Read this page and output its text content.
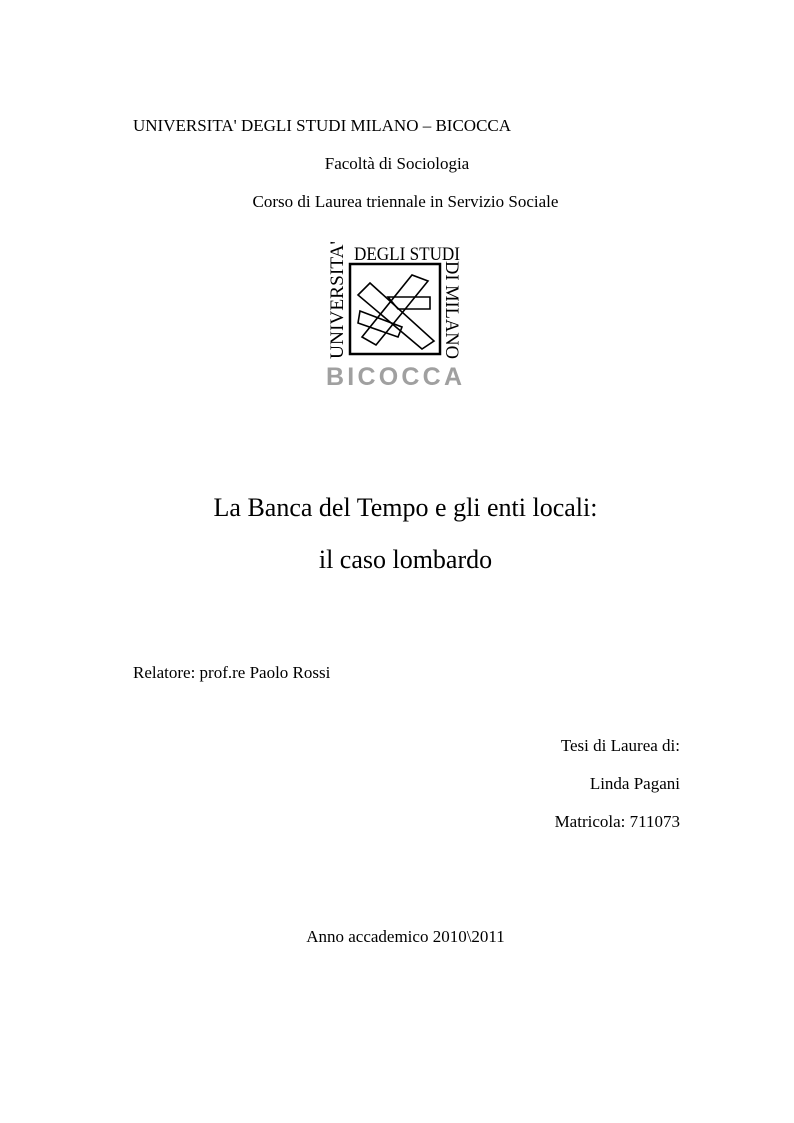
UNIVERSITA' DEGLI STUDI MILANO – BICOCCA
Facoltà di Sociologia
Corso di Laurea triennale in Servizio Sociale
DEGLI STUDI
UNIVERSITA'	DI MILANO
BICOCCA
La Banca del Tempo e gli enti locali:
il caso lombardo
Relatore: prof.re Paolo Rossi
Tesi di Laurea di:
Linda Pagani
Matricola: 711073
Anno accademico 2010\2011
